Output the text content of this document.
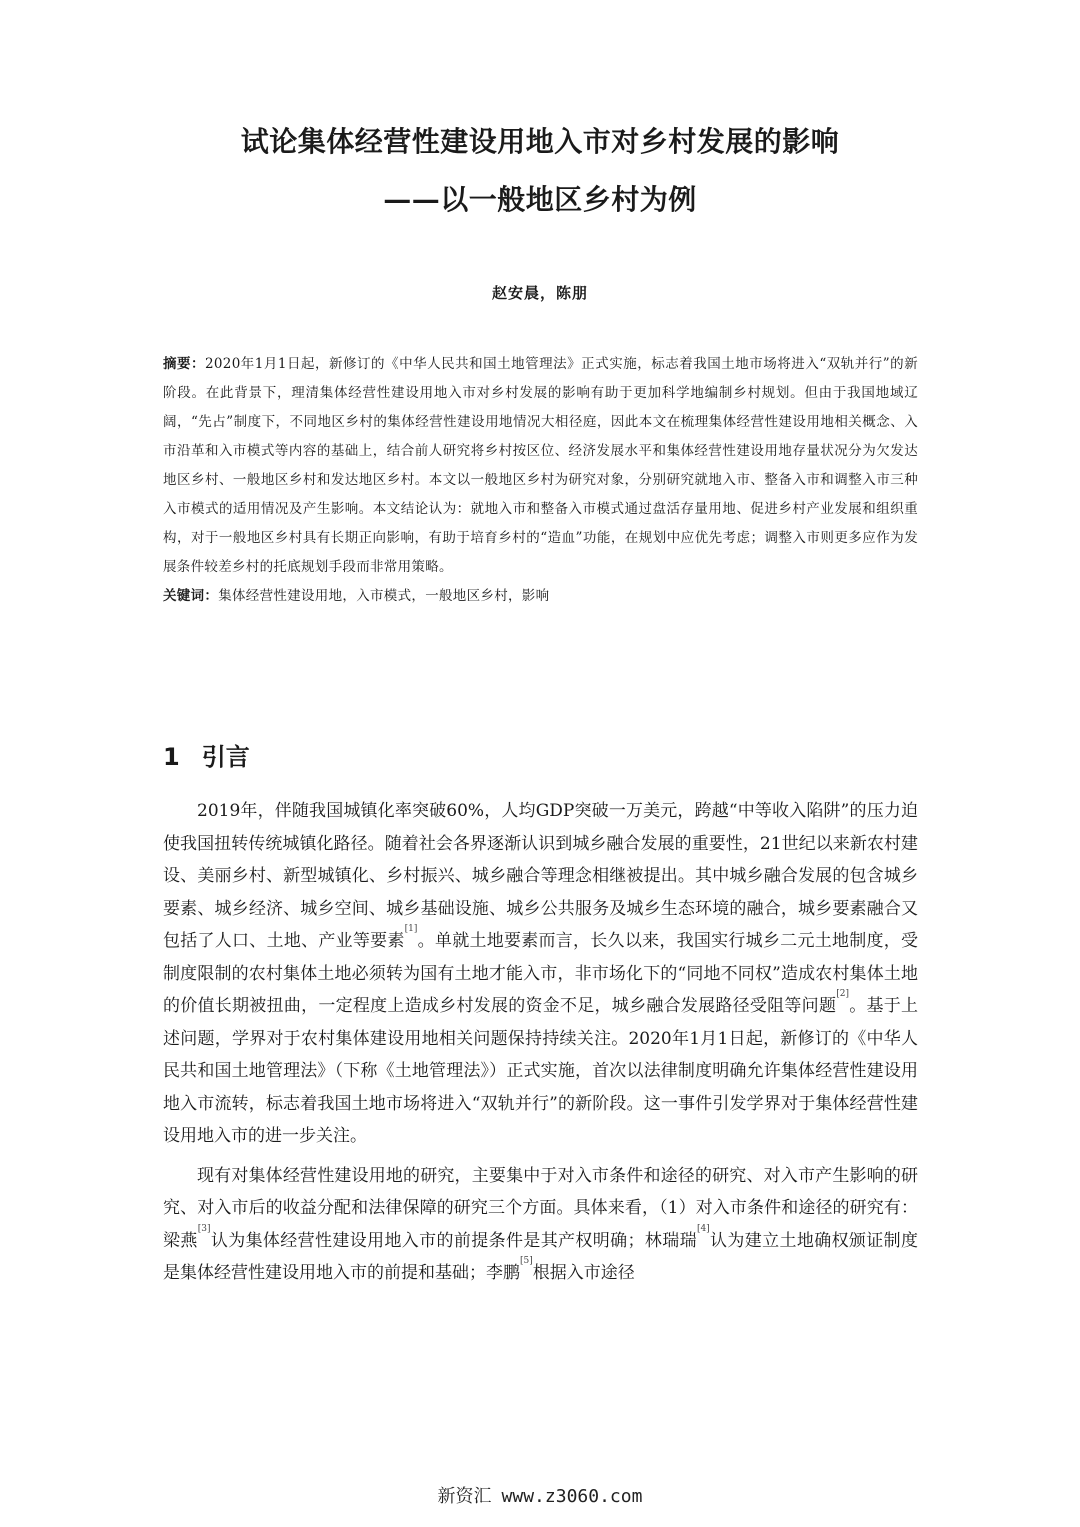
试论集体经营性建设用地入市对乡村发展的影响
——以一般地区乡村为例
赵安晨，陈朋

摘要：2020年1月1日起，新修订的《中华人民共和国土地管理法》正式实施，标志着我国土地市场将进入“双轨并行”的新阶段。在此背景下，理清集体经营性建设用地入市对乡村发展的影响有助于更加科学地编制乡村规划。但由于我国地域辽阔，“先占”制度下，不同地区乡村的集体经营性建设用地情况大相径庭，因此本文在梳理集体经营性建设用地相关概念、入市沿革和入市模式等内容的基础上，结合前人研究将乡村按区位、经济发展水平和集体经营性建设用地存量状况分为欠发达地区乡村、一般地区乡村和发达地区乡村。本文以一般地区乡村为研究对象，分别研究就地入市、整备入市和调整入市三种入市模式的适用情况及产生影响。本文结论认为：就地入市和整备入市模式通过盘活存量用地、促进乡村产业发展和组织重构，对于一般地区乡村具有长期正向影响，有助于培育乡村的“造血”功能，在规划中应优先考虑；调整入市则更多应作为发展条件较差乡村的托底规划手段而非常用策略。

关键词：集体经营性建设用地，入市模式，一般地区乡村，影响

1 引言

2019年，伴随我国城镇化率突破60%，人均GDP突破一万美元，跨越“中等收入陷阱”的压力迫使我国扭转传统城镇化路径。随着社会各界逐渐认识到城乡融合发展的重要性，21世纪以来新农村建设、美丽乡村、新型城镇化、乡村振兴、城乡融合等理念相继被提出。其中城乡融合发展的包含城乡要素、城乡经济、城乡空间、城乡基础设施、城乡公共服务及城乡生态环境的融合，城乡要素融合又包括了人口、土地、产业等要素[1]。单就土地要素而言，长久以来，我国实行城乡二元土地制度，受制度限制的农村集体土地必须转为国有土地才能入市，非市场化下的“同地不同权”造成农村集体土地的价值长期被扭曲，一定程度上造成乡村发展的资金不足，城乡融合发展路径受阻等问题[2]。基于上述问题，学界对于农村集体建设用地相关问题保持持续关注。2020年1月1日起，新修订的《中华人民共和国土地管理法》（下称《土地管理法》）正式实施，首次以法律制度明确允许集体经营性建设用地入市流转，标志着我国土地市场将进入“双轨并行”的新阶段。这一事件引发学界对于集体经营性建设用地入市的进一步关注。

现有对集体经营性建设用地的研究，主要集中于对入市条件和途径的研究、对入市产生影响的研究、对入市后的收益分配和法律保障的研究三个方面。具体来看，（1）对入市条件和途径的研究有：梁燕[3]认为集体经营性建设用地入市的前提条件是其产权明确；林瑞瑞[4]认为建立土地确权颁证制度是集体经营性建设用地入市的前提和基础；李鹏[5]根据入市途径

新资汇 www.z3060.com
